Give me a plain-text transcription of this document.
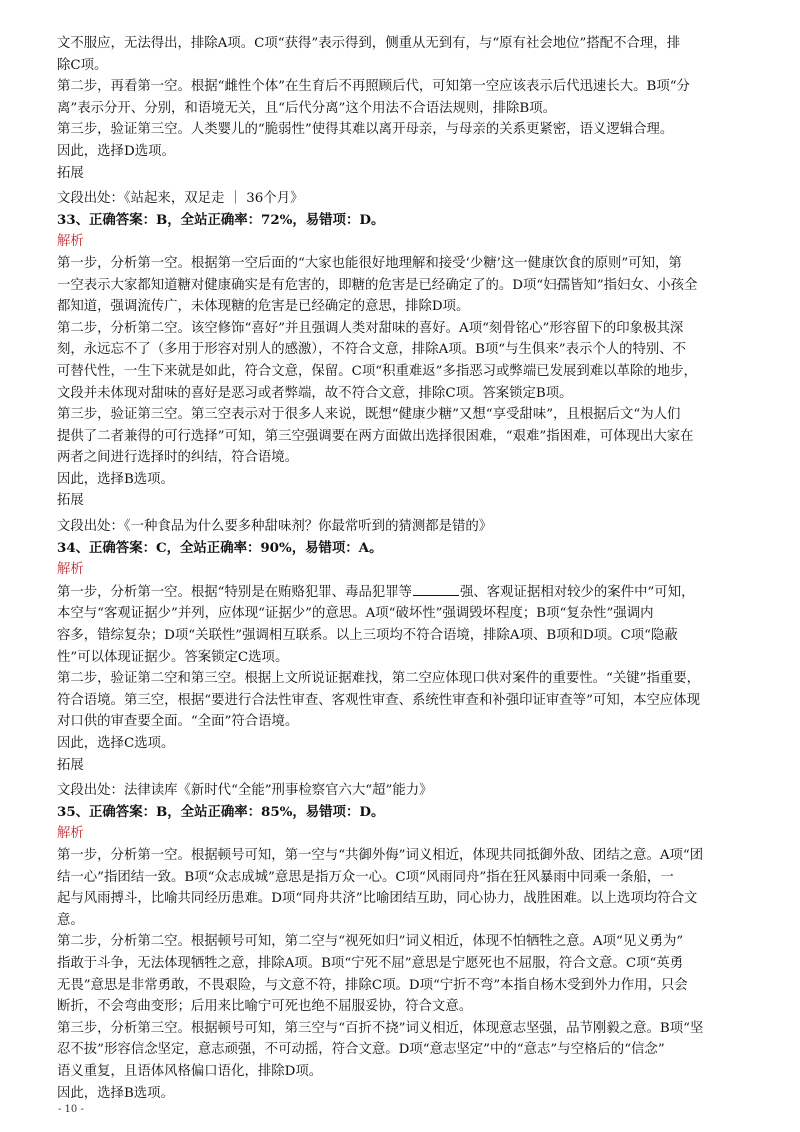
文不服应，无法得出，排除A项。C项“获得”表示得到，侧重从无到有，与“原有社会地位”搭配不合理，排

除C项。

第二步，再看第一空。根据“雌性个体”在生育后不再照顾后代，可知第一空应该表示后代迅速长大。B项“分

离”表示分开、分别，和语境无关，且“后代分离”这个用法不合语法规则，排除B项。

第三步，验证第三空。人类婴儿的“脆弱性”使得其难以离开母亲，与母亲的关系更紧密，语义逻辑合理。

因此，选择D选项。

拓展

文段出处：《站起来，双足走 ｜ 36个月》

33、正确答案：B，全站正确率：72%，易错项：D。

解析

第一步，分析第一空。根据第一空后面的“大家也能很好地理解和接受‘少糖’这一健康饮食的原则”可知，第

一空表示大家都知道糖对健康确实是有危害的，即糖的危害是已经确定了的。D项“妇孺皆知”指妇女、小孩全

都知道，强调流传广，未体现糖的危害是已经确定的意思，排除D项。

第二步，分析第二空。该空修饰“喜好”并且强调人类对甜味的喜好。A项“刻骨铭心”形容留下的印象极其深

刻，永远忘不了（多用于形容对别人的感激），不符合文意，排除A项。B项“与生俱来”表示个人的特别、不

可替代性，一生下来就是如此，符合文意，保留。C项“积重难返”多指恶习或弊端已发展到难以革除的地步，

文段并未体现对甜味的喜好是恶习或者弊端，故不符合文意，排除C项。答案锁定B项。

第三步，验证第三空。第三空表示对于很多人来说，既想“健康少糖”又想“享受甜味”，且根据后文“为人们

提供了二者兼得的可行选择”可知，第三空强调要在两方面做出选择很困难，“艰难”指困难，可体现出大家在

两者之间进行选择时的纠结，符合语境。

因此，选择B选项。

拓展

文段出处：《一种食品为什么要多种甜味剂？你最常听到的猜测都是错的》

34、正确答案：C，全站正确率：90%，易错项：A。

解析

第一步，分析第一空。根据“特别是在贿赂犯罪、毒品犯罪等	强、客观证据相对较少的案件中”可知，

本空与“客观证据少”并列，应体现“证据少”的意思。A项“破坏性”强调毁坏程度；B项“复杂性”强调内

容多，错综复杂；D项“关联性”强调相互联系。以上三项均不符合语境，排除A项、B项和D项。C项“隐蔽

性”可以体现证据少。答案锁定C选项。

第二步，验证第二空和第三空。根据上文所说证据难找，第二空应体现口供对案件的重要性。“关键”指重要，

符合语境。第三空，根据“要进行合法性审查、客观性审查、系统性审查和补强印证审查等”可知，本空应体现

对口供的审查要全面。“全面”符合语境。

因此，选择C选项。

拓展

文段出处：法律读库《新时代“全能”刑事检察官六大“超”能力》

35、正确答案：B，全站正确率：85%，易错项：D。

解析

第一步，分析第一空。根据顿号可知，第一空与“共御外侮”词义相近，体现共同抵御外敌、团结之意。A项“团

结一心”指团结一致。B项“众志成城”意思是指万众一心。C项“风雨同舟”指在狂风暴雨中同乘一条船，一

起与风雨搏斗，比喻共同经历患难。D项“同舟共济”比喻团结互助，同心协力，战胜困难。以上选项均符合文

意。

第二步，分析第二空。根据顿号可知，第二空与“视死如归”词义相近，体现不怕牺牲之意。A项“见义勇为”

指敢于斗争，无法体现牺牲之意，排除A项。B项“宁死不屈”意思是宁愿死也不屈服，符合文意。C项“英勇

无畏”意思是非常勇敢，不畏艰险，与文意不符，排除C项。D项“宁折不弯”本指自杨木受到外力作用，只会

断折，不会弯曲变形；后用来比喻宁可死也绝不屈服妥协，符合文意。

第三步，分析第三空。根据顿号可知，第三空与“百折不挠”词义相近，体现意志坚强，品节刚毅之意。B项“坚

忍不拔”形容信念坚定，意志顽强，不可动摇，符合文意。D项“意志坚定”中的“意志”与空格后的“信念”

语义重复，且语体风格偏口语化，排除D项。

因此，选择B选项。

- 10 -
